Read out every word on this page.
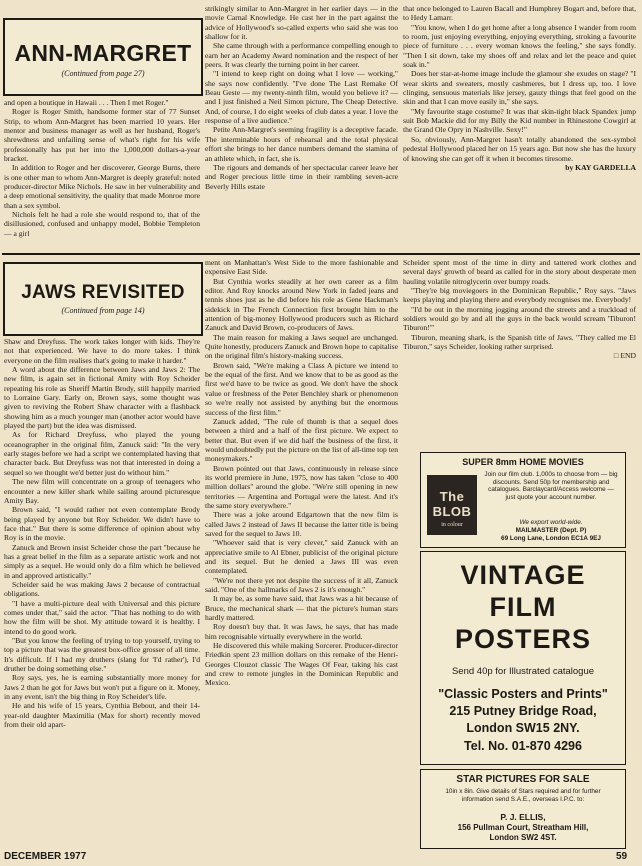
ANN-MARGRET
(Continued from page 27)

and open a boutique in Hawaii . . . Then I met Roger."

Roger is Roger Smith, handsome former star of 77 Sunset Strip, to whom Ann-Margret has been married 10 years. Her mentor and business manager as well as her husband, Roger's shrewdness and unfailing sense of what's right for his wife professionally has put her into the 1,000,000 dollars-a-year bracket.

In addition to Roger and her discoverer, George Burns, there is one other man to whom Ann-Margret is deeply grateful: noted producer-director Mike Nichols. He saw in her vulnerability and a deep emotional sensitivity, the quality that made Monroe more than a sex symbol.

Nichols felt he had a role she would respond to, that of the disillusioned, confused and unhappy model, Bobbie Templeton — a girl

strikingly similar to Ann-Margret in her earlier days — in the movie Carnal Knowledge. He cast her in the part against the advice of Hollywood's so-called experts who said she was too shallow for it.

She came through with a performance compelling enough to earn her an Academy Award nomination and the respect of her peers. It was clearly the turning point in her career.

"I intend to keep right on doing what I love — working," she says now confidently. "I've done The Last Remake Of Beau Geste — my twenty-ninth film, would you believe it? — and I just finished a Neil Simon picture, The Cheap Detective. And, of course, I do eight weeks of club dates a year. I love the response of a live audience."

Petite Ann-Margret's seeming fragility is a deceptive facade. The interminable hours of rehearsal and the total physical effort she brings to her dance numbers demand the stamina of an athlete which, in fact, she is.

The rigours and demands of her spectacular career leave her and Roger precious little time in their rambling seven-acre Beverly Hills estate

that once belonged to Lauren Bacall and Humphrey Bogart and, before that, to Hedy Lamarr.

"You know, when I do get home after a long absence I wander from room to room, just enjoying everything, enjoying everything, stroking a favourite piece of furniture . . . every woman knows the feeling," she says fondly. "Then I sit down, take my shoes off and relax and let the peace and quiet soak in."

Does her star-at-home image include the glamour she exudes on stage? "I wear skirts and sweaters, mostly cashmeres, but I dress up, too. I love clinging, sensuous materials like jersey, gauzy things that feel good on the skin and that I can move easily in," she says.

"My favourite stage costume? It was that skin-tight black Spandex jump suit Bob Mackie did for my Billy the Kid number in Rhinestone Cowgirl at the Grand Ole Opry in Nashville. Sexy!"

So, obviously, Ann-Margret hasn't totally abandoned the sex-symbol pedestal Hollywood placed her on 15 years ago. But now she has the luxury of knowing she can get off it when it becomes tiresome.

by KAY GARDELLA

JAWS REVISITED
(Continued from page 14)

Shaw and Dreyfuss. The work takes longer with kids. They're not that experienced. We have to do more takes. I think everyone on the film realises that's going to make it harder."

A word about the difference between Jaws and Jaws 2: The new film, is again set in fictional Amity with Roy Scheider repeating his role as Sheriff Martin Brody, still happily married to Lorraine Gary. Early on, Brown says, some thought was given to reviving the Robert Shaw character with a flashback showing him as a much younger man (another actor would have played the part) but the idea was dismissed.

As for Richard Dreyfuss, who played the young oceanographer in the original film, Zanuck said: "In the very early stages before we had a script we contemplated having that character back. But Dreyfuss was not that interested in doing a sequel so we thought we'd better just do without him."

The new film will concentrate on a group of teenagers who encounter a new killer shark while sailing around picturesque Amity Bay.

Brown said, "I would rather not even contemplate Brody being played by anyone but Roy Scheider. We didn't have to face that." But there is some difference of opinion about why Roy is in the movie.

Zanuck and Brown insist Scheider chose the part "because he has a great belief in the film as a separate artistic work and not simply as a sequel. He would only do a film which he believed in and approved artistically."

Scheider said he was making Jaws 2 because of contractual obligations.

"I have a multi-picture deal with Universal and this picture comes under that," said the actor. "That has nothing to do with how the film will be shot. My attitude toward it is healthy. I intend to do good work.

"But you know the feeling of trying to top yourself, trying to top a picture that was the greatest box-office grosser of all time. It's difficult. If I had my druthers (slang for 'I'd rather'), I'd druther be doing something else."

Roy says, yes, he is earning substantially more money for Jaws 2 than he got for Jaws but won't put a figure on it. Money, in any event, isn't the big thing in Roy Scheider's life.

He and his wife of 15 years, Cynthia Bebout, and their 14-year-old daughter Maximilia (Max for short) recently moved from their old apart-

ment on Manhattan's West Side to the more fashionable and expensive East Side.

But Cynthia works steadily at her own career as a film editor. And Roy knocks around New York in faded jeans and tennis shoes just as he did before his role as Gene Hackman's sidekick in The French Connection first brought him to the attention of big-money Hollywood producers such as Richard Zanuck and David Brown, co-producers of Jaws.

The main reason for making a Jaws sequel are unchanged. Quite honestly, producers Zanuck and Brown hope to capitalise on the original film's history-making success.

Brown said, "We're making a Class A picture we intend to be the equal of the first. And we know that to be as good as the first we'd have to be twice as good. We don't have the shock value or freshness of the Peter Benchley shark or phenomenon so we're really not assisted by anything but the enormous success of the first film."

Zanuck added, "The rule of thumb is that a sequel does between a third and a half of the first picture. We expect to better that. But even if we did half the business of the first, it would undoubtedly put the picture on the list of all-time top ten moneymakers."

Brown pointed out that Jaws, continuously in release since its world premiere in June, 1975, now has taken "close to 400 million dollars" around the globe. "We're still opening in new territories — Argentina and Portugal were the latest. And it's the same story everywhere."

There was a joke around Edgartown that the new film is called Jaws 2 instead of Jaws II because the latter title is being saved for the sequel to Jaws 10.

"Whoever said that is very clever," said Zanuck with an appreciative smile to Al Ebner, publicist of the original picture and its sequel. But he denied a Jaws III was even contemplated.

"We're not there yet not despite the success of it all, Zanuck said. "One of the hallmarks of Jaws 2 is it's enough."

It may be, as some have said, that Jaws was a hit because of Bruce, the mechanical shark — that the picture's human stars hardly mattered.

Roy doesn't buy that. It was Jaws, he says, that has made him recognisable virtually everywhere in the world.

He discovered this while making Sorcerer. Producer-director Friedkin spent 23 million dollars on this remake of the Henri-Georges Clouzot classic The Wages Of Fear, taking his cast and crew to remote jungles in the Dominican Republic and Mexico.

Scheider spent most of the time in dirty and tattered work clothes and several days' growth of beard as called for in the story about desperate men hauling volatile nitroglycerin over bumpy roads.

"They're big moviegoers in the Dominican Republic," Roy says. "Jaws keeps playing and playing there and everybody recognises me. Everybody!

"I'd be out in the morning jogging around the streets and a truckload of soldiers would go by and all the guys in the back would scream 'Tiburon! Tiburon!'"

Tiburon, meaning shark, is the Spanish title of Jaws. "They called me El Tiburon," says Scheider, looking rather surprised.

□ END

SUPER 8mm HOME MOVIES
The BLOB
in colour
Join our film club. 1,000s to choose from — big discounts. Send 50p for membership and catalogues. Barclaycard/Access welcome — just quote your account number.
We export world-wide.
MAILMASTER (Dept. P)
69 Long Lane, London EC1A 9EJ
VINTAGE
FILM
POSTERS
Send 40p for Illustrated catalogue
"Classic Posters and Prints"
215 Putney Bridge Road,
London SW15 2NY.
Tel. No. 01-870 4296
STAR PICTURES FOR SALE
10in x 8in. Give details of Stars required and for further information send S.A.E., overseas I.P.C. to:
P. J. ELLIS,
156 Pullman Court, Streatham Hill,
London SW2 4ST.
DECEMBER 1977	59
